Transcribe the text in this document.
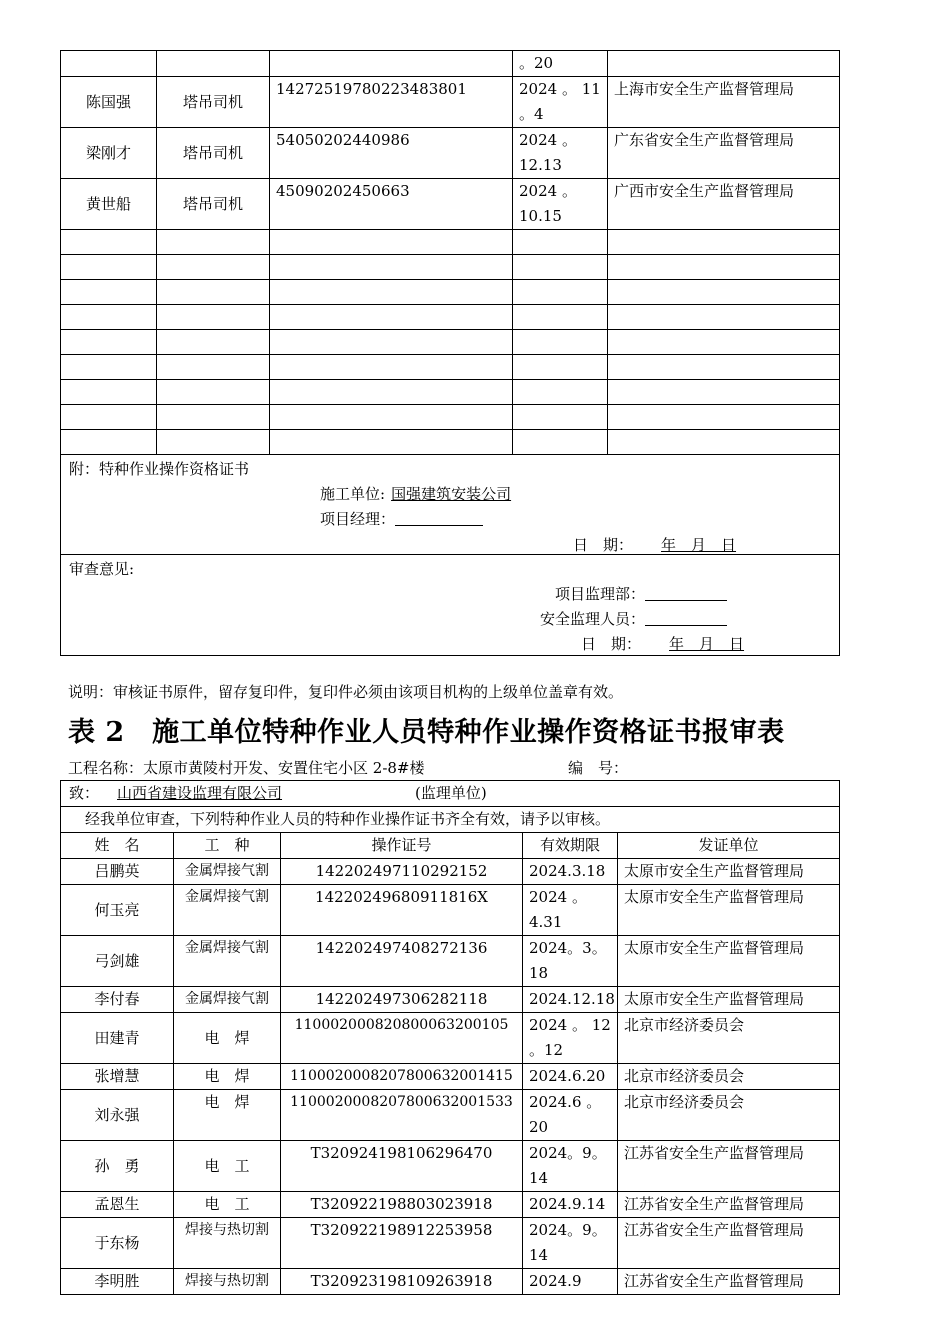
			。20	
陈国强	塔吊司机	14272519780223483801	2024 。 11 。4	上海市安全生产监督管理局
梁刚才	塔吊司机	54050202440986	2024 。 12.13	广东省安全生产监督管理局
黄世船	塔吊司机	45090202450663	2024 。 10.15	广西市安全生产监督管理局

附：特种作业操作资格证书
施工单位: 国强建筑安装公司
项目经理：
日　期： 年　月　日				

审查意见:
项目监理部：
安全监理人员：
日　期： 年　月　日				
说明：审核证书原件，留存复印件，复印件必须由该项目机构的上级单位盖章有效。
表 2　施工单位特种作业人员特种作业操作资格证书报审表
工程名称：太原市黄陵村开发、安置住宅小区 2-8#楼	编　号：
致： 山西省建设监理有限公司 (监理单位)				
经我单位审查，下列特种作业人员的特种作业操作证书齐全有效，请予以审核。				
姓　名	工　种	操作证号	有效期限	发证单位
吕鹏英	金属焊接气割	142202497110292152	2024.3.18	太原市安全生产监督管理局
何玉亮	金属焊接气割	14220249680911816X	2024 。 4.31	太原市安全生产监督管理局
弓剑雄	金属焊接气割	142202497408272136	2024。3。18	太原市安全生产监督管理局
李付春	金属焊接气割	142202497306282118	2024.12.18	太原市安全生产监督管理局
田建青	电　焊	11000200082080006320010​5	2024 。 12 。12	北京市经济委员会
张增慧	电　焊	110002000820780063200141​5	2024.6.20	北京市经济委员会
刘永强	电　焊	110002000820780063200153​3	2024.6 。 20	北京市经济委员会
孙　勇	电　工	T320924198106296470	2024。9。14	江苏省安全生产监督管理局
孟恩生	电　工	T320922198803023918	2024.9.14	江苏省安全生产监督管理局
于东杨	焊接与热切割	T320922198912253958	2024。9。14	江苏省安全生产监督管理局
李明胜	焊接与热切割	T320923198109263918	2024.9	江苏省安全生产监督管理局
